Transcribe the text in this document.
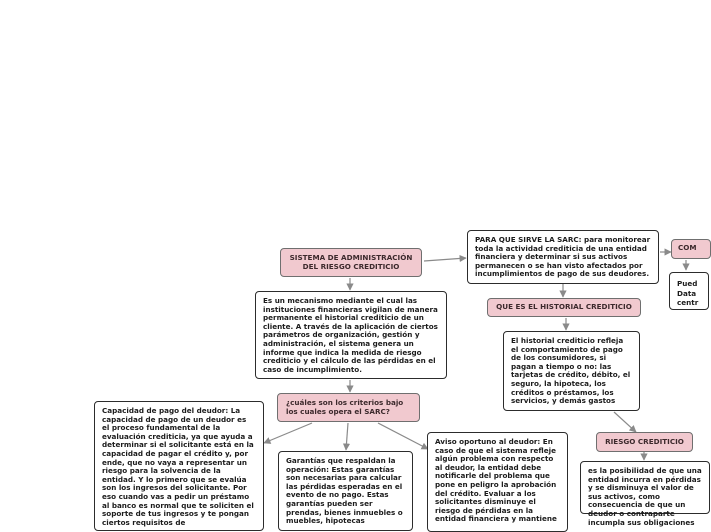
SISTEMA DE ADMINISTRACIÓN DEL RIESGO CREDITICIO
Es un mecanismo mediante el cual las instituciones financieras vigilan de manera permanente el historial crediticio de un cliente. A través de la aplicación de ciertos parámetros de organización, gestión y administración, el sistema genera un informe que indica la medida de riesgo crediticio y el cálculo de las pérdidas en el caso de incumplimiento.
¿cuáles son los criterios bajo los cuales opera el SARC?
Capacidad de pago del deudor: La capacidad de pago de un deudor es el proceso fundamental de la evaluación crediticia, ya que ayuda a determinar si el solicitante está en la capacidad de pagar el crédito y, por ende, que no vaya a representar un riesgo para la solvencia de la entidad. Y lo primero que se evalúa son los ingresos del solicitante. Por eso cuando vas a pedir un préstamo al banco es normal que te soliciten el soporte de tus ingresos y te pongan ciertos requisitos de
Garantías que respaldan la operación: Estas garantías son necesarias para calcular las pérdidas esperadas en el evento de no pago. Estas garantías pueden ser prendas, bienes inmuebles o muebles, hipotecas
Aviso oportuno al deudor: En caso de que el sistema refleje algún problema con respecto al deudor, la entidad debe notificarle del problema que pone en peligro la aprobación del crédito. Evaluar a los solicitantes disminuye el riesgo de pérdidas en la entidad financiera y mantiene
PARA QUE SIRVE LA SARC: para monitorear toda la actividad crediticia de una entidad financiera y determinar si sus activos permanecen o se han visto afectados por incumplimientos de pago de sus deudores.
QUE ES EL HISTORIAL CREDITICIO
El historial crediticio refleja el comportamiento de pago de los consumidores, si pagan a tiempo o no: las tarjetas de crédito, débito, el seguro, la hipoteca, los créditos o préstamos, los servicios, y demás gastos
RIESGO CREDITICIO
es la posibilidad de que una entidad incurra en pérdidas y se disminuya el valor de sus activos, como consecuencia de que un deudor o contraparte incumpla sus obligaciones
COM
Pued Data centr
